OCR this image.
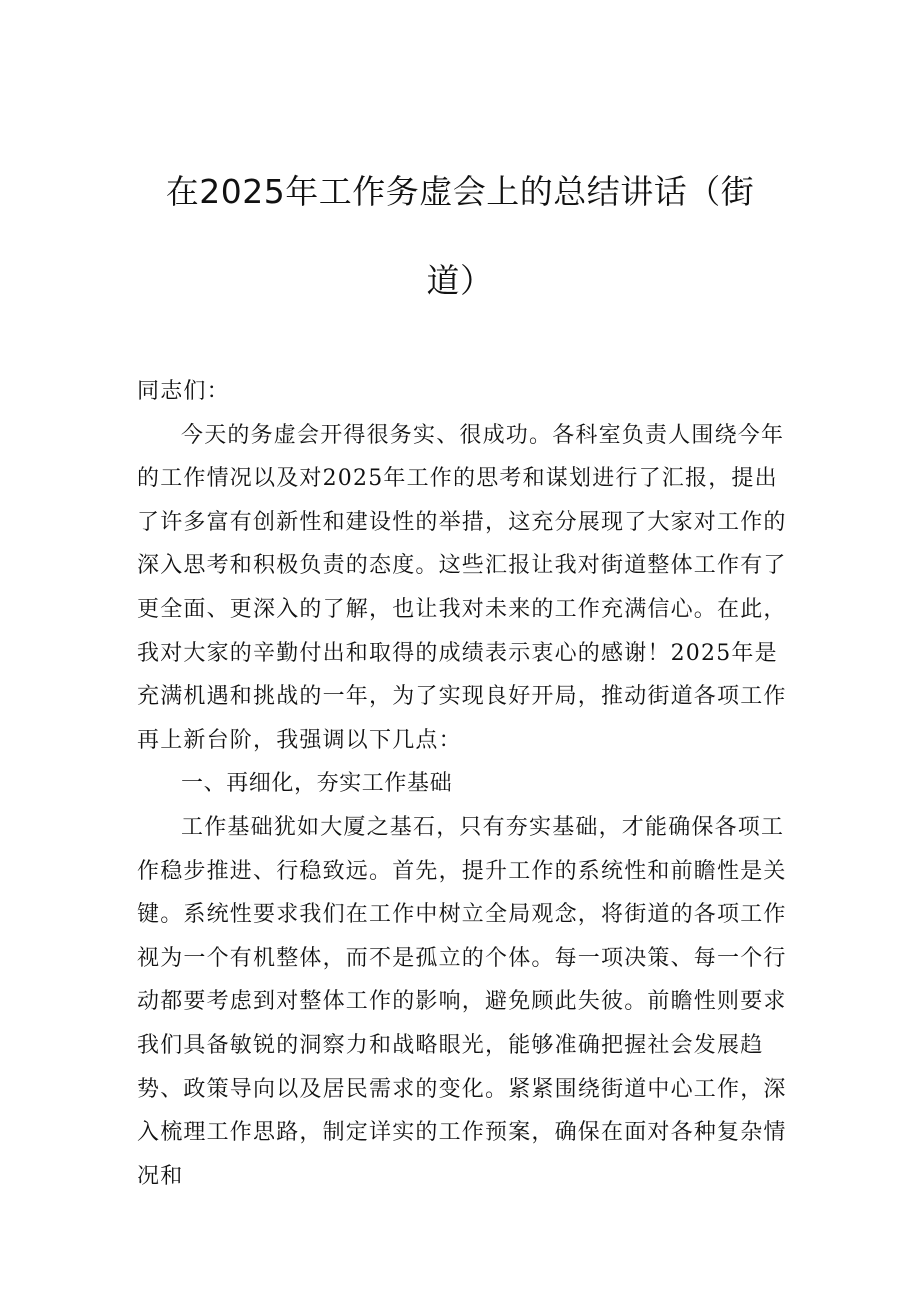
在2025年工作务虚会上的总结讲话（街
道）

同志们：

今天的务虚会开得很务实、很成功。各科室负责人围绕今年的工作情况以及对2025年工作的思考和谋划进行了汇报，提出了许多富有创新性和建设性的举措，这充分展现了大家对工作的深入思考和积极负责的态度。这些汇报让我对街道整体工作有了更全面、更深入的了解，也让我对未来的工作充满信心。在此，我对大家的辛勤付出和取得的成绩表示衷心的感谢！2025年是充满机遇和挑战的一年，为了实现良好开局，推动街道各项工作再上新台阶，我强调以下几点：

一、再细化，夯实工作基础

工作基础犹如大厦之基石，只有夯实基础，才能确保各项工作稳步推进、行稳致远。首先，提升工作的系统性和前瞻性是关键。系统性要求我们在工作中树立全局观念，将街道的各项工作视为一个有机整体，而不是孤立的个体。每一项决策、每一个行动都要考虑到对整体工作的影响，避免顾此失彼。前瞻性则要求我们具备敏锐的洞察力和战略眼光，能够准确把握社会发展趋势、政策导向以及居民需求的变化。紧紧围绕街道中心工作，深入梳理工作思路，制定详实的工作预案，确保在面对各种复杂情况和
